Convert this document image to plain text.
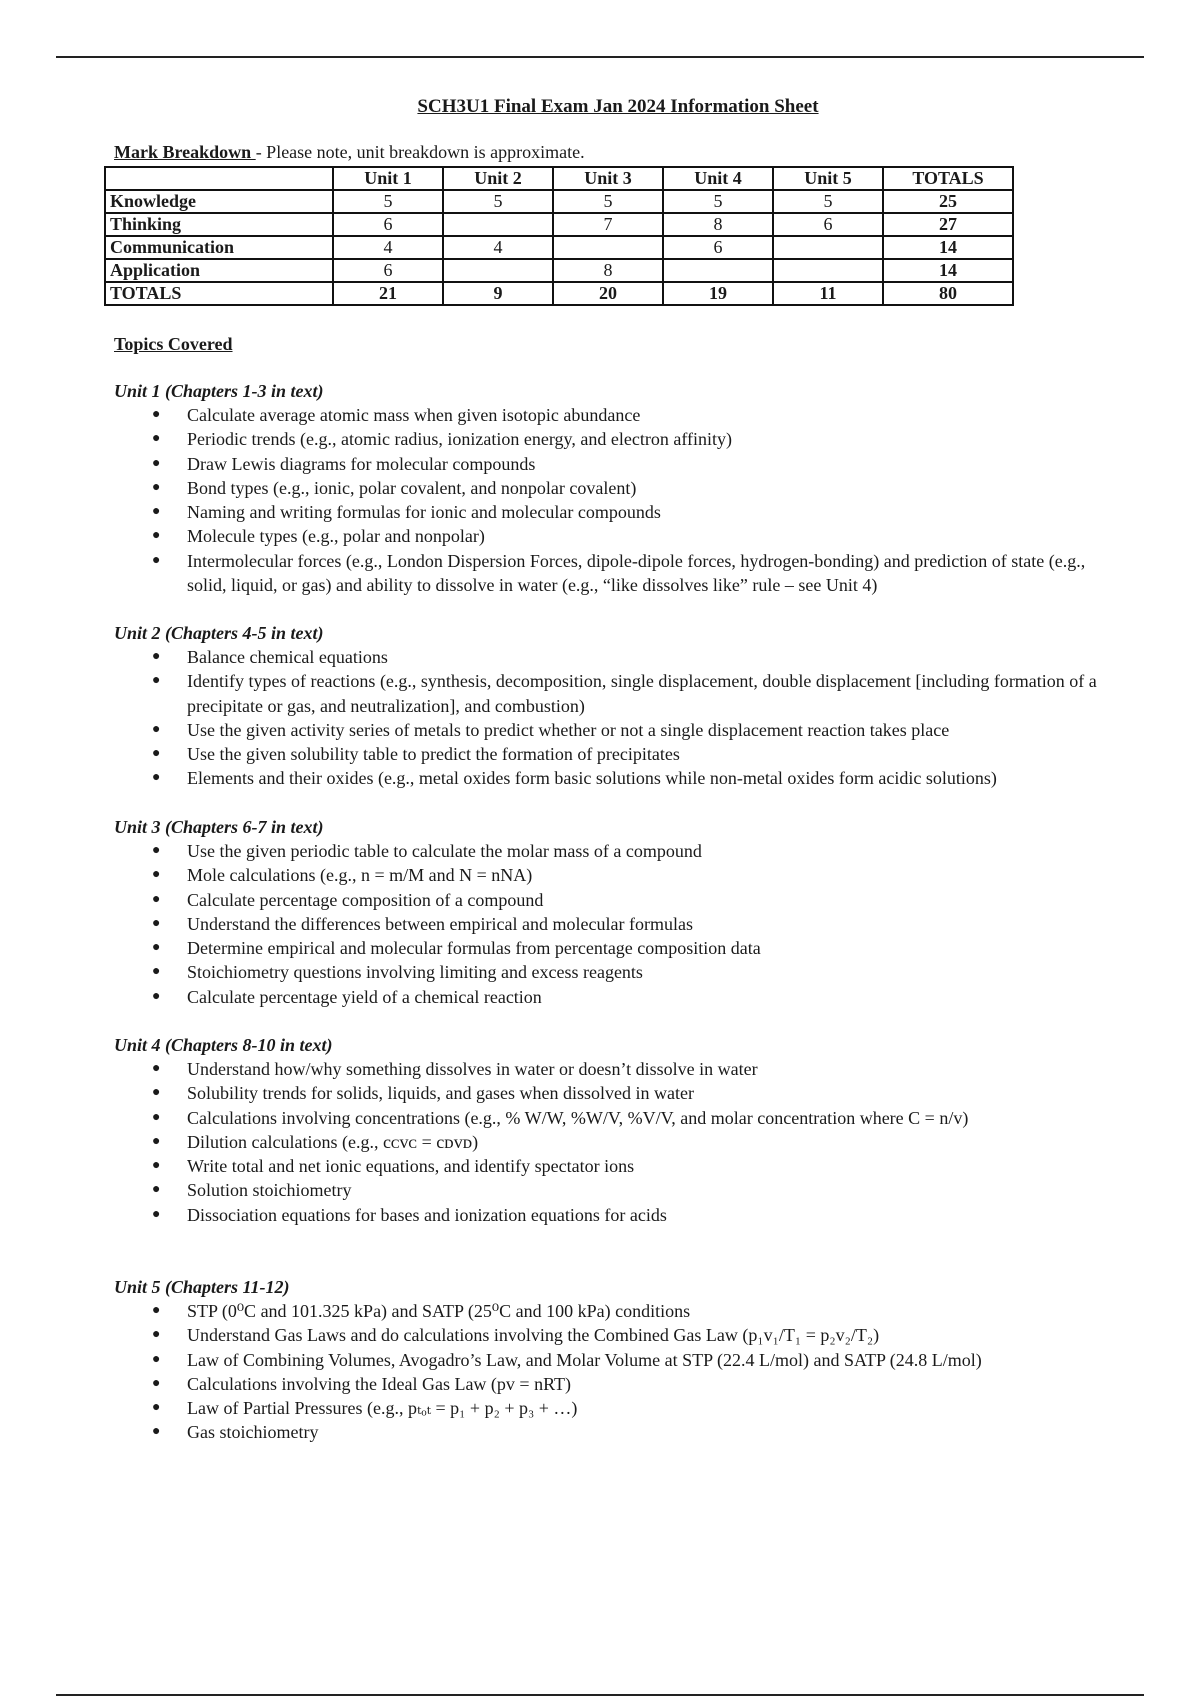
SCH3U1 Final Exam Jan 2024 Information Sheet
Mark Breakdown - Please note, unit breakdown is approximate.
	Unit 1	Unit 2	Unit 3	Unit 4	Unit 5	TOTALS
Knowledge	5	5	5	5	5	25
Thinking	6		7	8	6	27
Communication	4	4		6		14
Application	6		8			14
TOTALS	21	9	20	19	11	80
Topics Covered
Unit 1 (Chapters 1-3 in text)
● Calculate average atomic mass when given isotopic abundance
● Periodic trends (e.g., atomic radius, ionization energy, and electron affinity)
● Draw Lewis diagrams for molecular compounds
● Bond types (e.g., ionic, polar covalent, and nonpolar covalent)
● Naming and writing formulas for ionic and molecular compounds
● Molecule types (e.g., polar and nonpolar)
● Intermolecular forces (e.g., London Dispersion Forces, dipole-dipole forces, hydrogen-bonding) and prediction of state (e.g., solid, liquid, or gas) and ability to dissolve in water (e.g., “like dissolves like” rule – see Unit 4)
Unit 2 (Chapters 4-5 in text)
● Balance chemical equations
● Identify types of reactions (e.g., synthesis, decomposition, single displacement, double displacement [including formation of a precipitate or gas, and neutralization], and combustion)
● Use the given activity series of metals to predict whether or not a single displacement reaction takes place
● Use the given solubility table to predict the formation of precipitates
● Elements and their oxides (e.g., metal oxides form basic solutions while non-metal oxides form acidic solutions)
Unit 3 (Chapters 6-7 in text)
● Use the given periodic table to calculate the molar mass of a compound
● Mole calculations (e.g., n = m/M and N = nNA)
● Calculate percentage composition of a compound
● Understand the differences between empirical and molecular formulas
● Determine empirical and molecular formulas from percentage composition data
● Stoichiometry questions involving limiting and excess reagents
● Calculate percentage yield of a chemical reaction
Unit 4 (Chapters 8-10 in text)
● Understand how/why something dissolves in water or doesn’t dissolve in water
● Solubility trends for solids, liquids, and gases when dissolved in water
● Calculations involving concentrations (e.g., % W/W, %W/V, %V/V, and molar concentration where C = n/v)
● Dilution calculations (e.g., cᴄvᴄ = cᴅvᴅ)
● Write total and net ionic equations, and identify spectator ions
● Solution stoichiometry
● Dissociation equations for bases and ionization equations for acids
Unit 5 (Chapters 11-12)
● STP (0⁰C and 101.325 kPa) and SATP (25⁰C and 100 kPa) conditions
● Understand Gas Laws and do calculations involving the Combined Gas Law (p₁v₁/T₁ = p₂v₂/T₂)
● Law of Combining Volumes, Avogadro’s Law, and Molar Volume at STP (22.4 L/mol) and SATP (24.8 L/mol)
● Calculations involving the Ideal Gas Law (pv = nRT)
● Law of Partial Pressures (e.g., pₜₒₜ = p₁ + p₂ + p₃ + …)
● Gas stoichiometry
